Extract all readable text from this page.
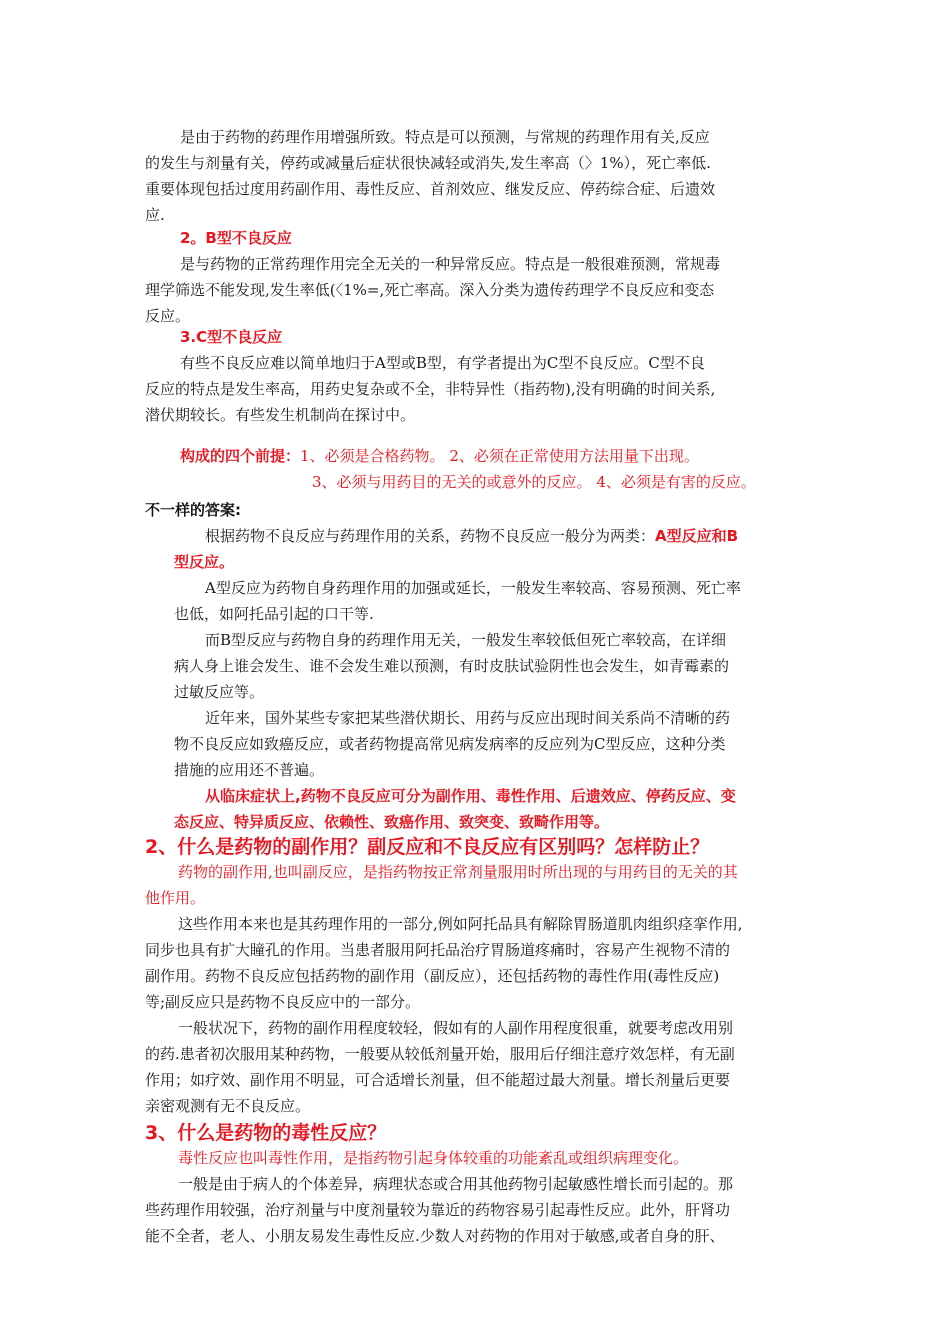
是由于药物的药理作用增强所致。特点是可以预测，与常规的药理作用有关,反应

的发生与剂量有关，停药或减量后症状很快减轻或消失,发生率高（〉1%），死亡率低.

重要体现包括过度用药副作用、毒性反应、首剂效应、继发反应、停药综合症、后遗效

应.

2。B型不良反应

是与药物的正常药理作用完全无关的一种异常反应。特点是一般很难预测，常规毒

理学筛选不能发现,发生率低(〈1%=,死亡率高。深入分类为遗传药理学不良反应和变态

反应。

3.C型不良反应

有些不良反应难以简单地归于A型或B型，有学者提出为C型不良反应。C型不良

反应的特点是发生率高，用药史复杂或不全，非特异性（指药物),没有明确的时间关系,

潜伏期较长。有些发生机制尚在探讨中。

构成的四个前提：1、必须是合格药物。 2、必须在正常使用方法用量下出现。

3、必须与用药目的无关的或意外的反应。 4、必须是有害的反应。

不一样的答案:

根据药物不良反应与药理作用的关系，药物不良反应一般分为两类：A型反应和B

型反应。

A型反应为药物自身药理作用的加强或延长，一般发生率较高、容易预测、死亡率

也低，如阿托品引起的口干等.

而B型反应与药物自身的药理作用无关，一般发生率较低但死亡率较高，在详细

病人身上谁会发生、谁不会发生难以预测，有时皮肤试验阴性也会发生，如青霉素的

过敏反应等。

近年来，国外某些专家把某些潜伏期长、用药与反应出现时间关系尚不清晰的药

物不良反应如致癌反应，或者药物提高常见病发病率的反应列为C型反应，这种分类

措施的应用还不普遍。

从临床症状上,药物不良反应可分为副作用、毒性作用、后遗效应、停药反应、变

态反应、特异质反应、依赖性、致癌作用、致突变、致畸作用等。

2、什么是药物的副作用？副反应和不良反应有区别吗？怎样防止？

药物的副作用,也叫副反应，是指药物按正常剂量服用时所出现的与用药目的无关的其

他作用。

这些作用本来也是其药理作用的一部分,例如阿托品具有解除胃肠道肌肉组织痉挛作用,

同步也具有扩大瞳孔的作用。当患者服用阿托品治疗胃肠道疼痛时，容易产生视物不清的

副作用。药物不良反应包括药物的副作用（副反应），还包括药物的毒性作用(毒性反应)

等;副反应只是药物不良反应中的一部分。

一般状况下，药物的副作用程度较轻，假如有的人副作用程度很重，就要考虑改用别

的药.患者初次服用某种药物，一般要从较低剂量开始，服用后仔细注意疗效怎样，有无副

作用；如疗效、副作用不明显，可合适增长剂量，但不能超过最大剂量。增长剂量后更要

亲密观测有无不良反应。

3、什么是药物的毒性反应？

毒性反应也叫毒性作用，是指药物引起身体较重的功能紊乱或组织病理变化。

一般是由于病人的个体差异，病理状态或合用其他药物引起敏感性增长而引起的。那

些药理作用较强，治疗剂量与中度剂量较为靠近的药物容易引起毒性反应。此外，肝肾功

能不全者，老人、小朋友易发生毒性反应.少数人对药物的作用对于敏感,或者自身的肝、
